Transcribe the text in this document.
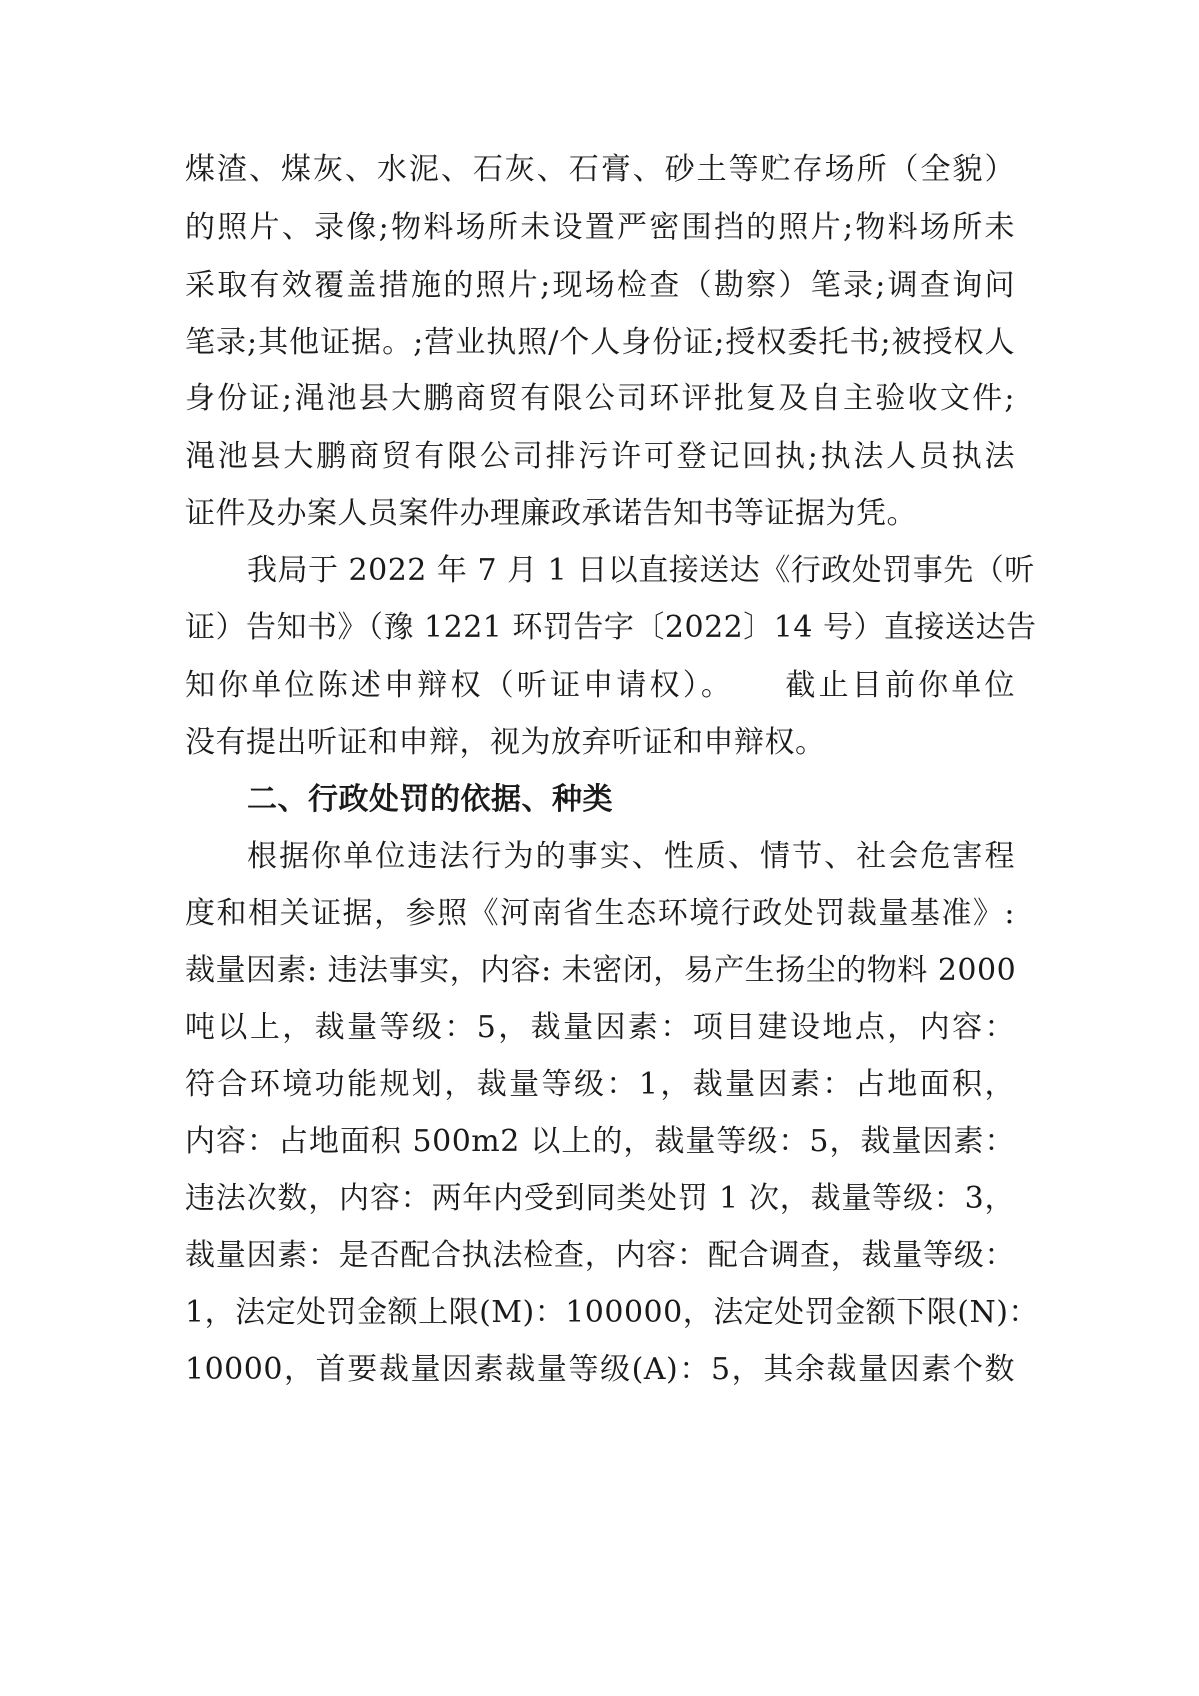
煤渣、煤灰、水泥、石灰、石膏、砂土等贮存场所（全貌）
的照片、录像;物料场所未设置严密围挡的照片;物料场所未
采取有效覆盖措施的照片;现场检查（勘察）笔录;调查询问
笔录;其他证据。;营业执照/个人身份证;授权委托书;被授权人
身份证;渑池县大鹏商贸有限公司环评批复及自主验收文件;
渑池县大鹏商贸有限公司排污许可登记回执;执法人员执法
证件及办案人员案件办理廉政承诺告知书等证据为凭。
我局于 2022 年 7 月 1 日以直接送达《行政处罚事先（听
证）告知书》（豫 1221 环罚告字〔2022〕14 号）直接送达告
知你单位陈述申辩权（听证申请权）。　　截止目前你单位
没有提出听证和申辩，视为放弃听证和申辩权。
二、行政处罚的依据、种类
根据你单位违法行为的事实、性质、情节、社会危害程
度和相关证据，参照《河南省生态环境行政处罚裁量基准》:
裁量因素: 违法事实，内容: 未密闭，易产生扬尘的物料 2000
吨以上，裁量等级：5，裁量因素：项目建设地点，内容：
符合环境功能规划，裁量等级：1，裁量因素：占地面积，
内容：占地面积 500m2 以上的，裁量等级：5，裁量因素：
违法次数，内容：两年内受到同类处罚 1 次，裁量等级：3，
裁量因素：是否配合执法检查，内容：配合调查，裁量等级：
1，法定处罚金额上限(M)：100000，法定处罚金额下限(N)：
10000，首要裁量因素裁量等级(A)：5，其余裁量因素个数
